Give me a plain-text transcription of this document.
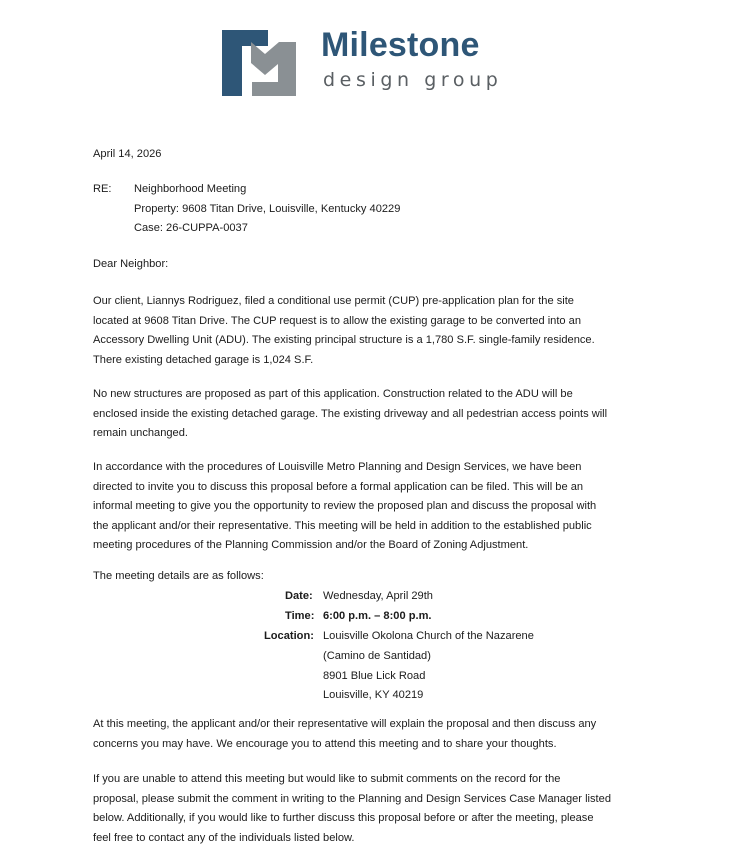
Milestone
design group
April 14, 2026
RE: Neighborhood Meeting
Property: 9608 Titan Drive, Louisville, Kentucky 40229
Case: 26-CUPPA-0037
Dear Neighbor:
Our client, Liannys Rodriguez, filed a conditional use permit (CUP) pre-application plan for the site
located at 9608 Titan Drive. The CUP request is to allow the existing garage to be converted into an
Accessory Dwelling Unit (ADU). The existing principal structure is a 1,780 S.F. single-family residence.
There existing detached garage is 1,024 S.F.
No new structures are proposed as part of this application. Construction related to the ADU will be
enclosed inside the existing detached garage. The existing driveway and all pedestrian access points will
remain unchanged.
In accordance with the procedures of Louisville Metro Planning and Design Services, we have been
directed to invite you to discuss this proposal before a formal application can be filed. This will be an
informal meeting to give you the opportunity to review the proposed plan and discuss the proposal with
the applicant and/or their representative. This meeting will be held in addition to the established public
meeting procedures of the Planning Commission and/or the Board of Zoning Adjustment.
The meeting details are as follows:
Date: Wednesday, April 29th
Time: 6:00 p.m. – 8:00 p.m.
Location: Louisville Okolona Church of the Nazarene
(Camino de Santidad)
8901 Blue Lick Road
Louisville, KY 40219
At this meeting, the applicant and/or their representative will explain the proposal and then discuss any
concerns you may have. We encourage you to attend this meeting and to share your thoughts.
If you are unable to attend this meeting but would like to submit comments on the record for the
proposal, please submit the comment in writing to the Planning and Design Services Case Manager listed
below. Additionally, if you would like to further discuss this proposal before or after the meeting, please
feel free to contact any of the individuals listed below.
